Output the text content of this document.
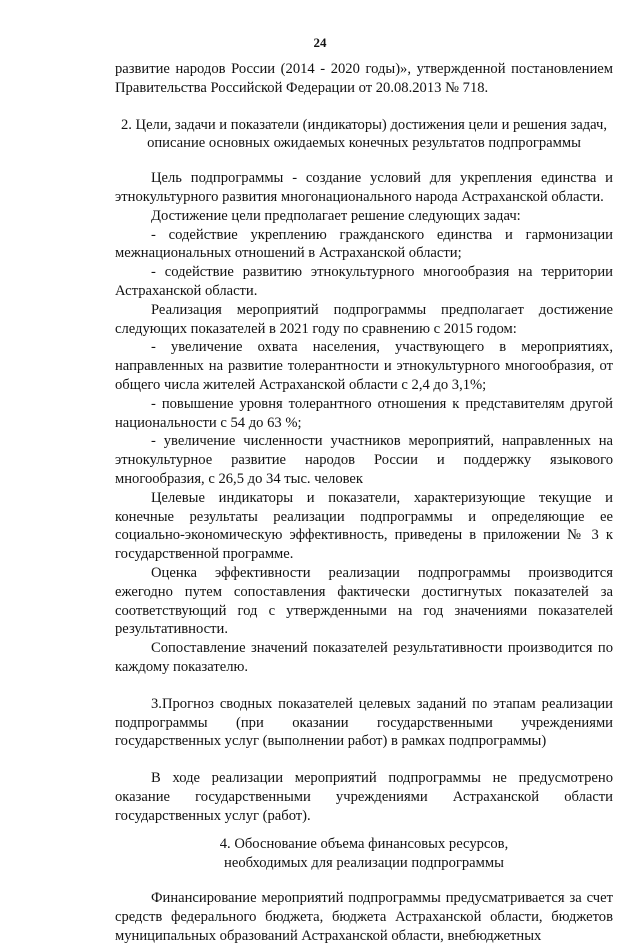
24

развитие народов России (2014 - 2020 годы)», утвержденной постановлением Правительства Российской Федерации от 20.08.2013 № 718.

2. Цели, задачи и показатели (индикаторы) достижения цели и решения задач, описание основных ожидаемых конечных результатов подпрограммы

Цель подпрограммы - создание условий для укрепления единства и этнокультурного развития многонационального народа Астраханской области.

Достижение цели предполагает решение следующих задач:

- содействие укреплению гражданского единства и гармонизации межнациональных отношений в Астраханской области;

- содействие развитию этнокультурного многообразия на территории Астраханской области.

Реализация мероприятий подпрограммы предполагает достижение следующих показателей в 2021 году по сравнению с 2015 годом:

- увеличение охвата населения, участвующего в мероприятиях, направленных на развитие толерантности и этнокультурного многообразия, от общего числа жителей Астраханской области с 2,4 до 3,1%;

- повышение уровня толерантного отношения к представителям другой национальности с 54 до 63 %;

- увеличение численности участников мероприятий, направленных на этнокультурное развитие народов России и поддержку языкового многообразия, с 26,5 до 34 тыс. человек

Целевые индикаторы и показатели, характеризующие текущие и конечные результаты реализации подпрограммы и определяющие ее социально-экономическую эффективность, приведены в приложении № 3 к государственной программе.

Оценка эффективности реализации подпрограммы производится ежегодно путем сопоставления фактически достигнутых показателей за соответствующий год с утвержденными на год значениями показателей результативности.

Сопоставление значений показателей результативности производится по каждому показателю.

3.Прогноз сводных показателей целевых заданий по этапам реализации подпрограммы (при оказании государственными учреждениями государственных услуг (выполнении работ) в рамках подпрограммы)

В ходе реализации мероприятий подпрограммы не предусмотрено оказание государственными учреждениями Астраханской области государственных услуг (работ).

4. Обоснование объема финансовых ресурсов,

необходимых для реализации подпрограммы

Финансирование мероприятий подпрограммы предусматривается за счет средств федерального бюджета, бюджета Астраханской области, бюджетов муниципальных образований Астраханской области, внебюджетных
